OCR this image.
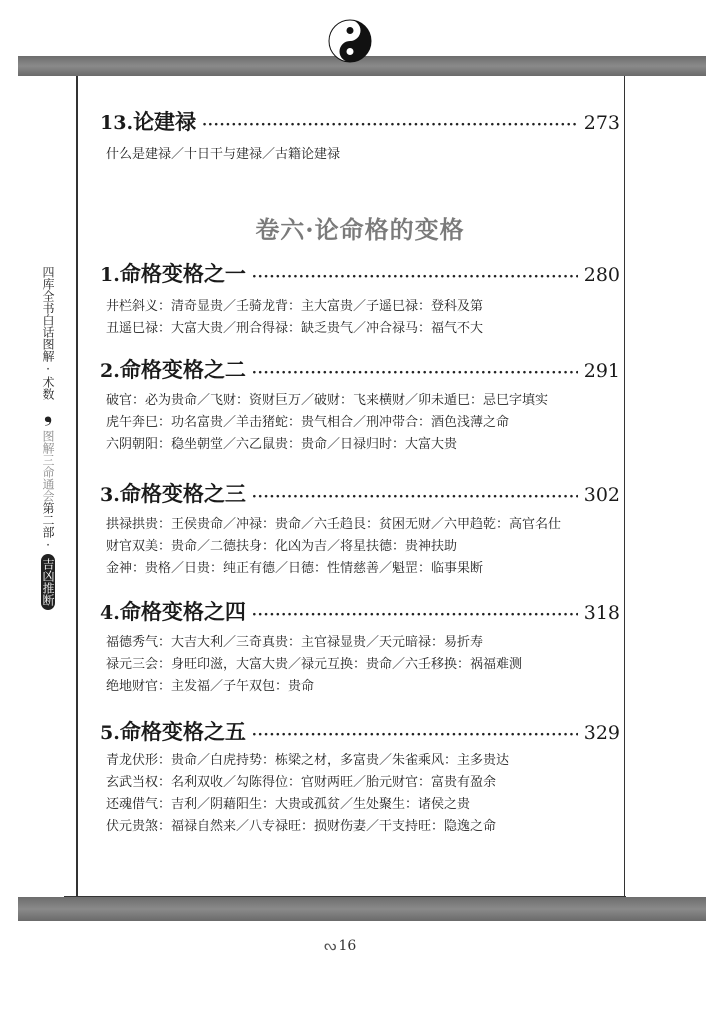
四库全书白话图解·术数
❟
图解三命通会
第二部·
吉凶推断
13. 论建禄 ·····	273
什么是建禄／十日干与建禄／古籍论建禄
卷六·论命格的变格
1. 命格变格之一 ·····	280
井栏斜义：清奇显贵／壬骑龙背：主大富贵／子遥巳禄：登科及第
丑遥巳禄：大富大贵／刑合得禄：缺乏贵气／冲合禄马：福气不大
2. 命格变格之二 ·····	291
破官：必为贵命／飞财：资财巨万／破财：飞来横财／卯未遁巳：忌巳字填实
虎午奔巳：功名富贵／羊击猪蛇：贵气相合／刑冲带合：酒色浅薄之命
六阴朝阳：稳坐朝堂／六乙鼠贵：贵命／日禄归时：大富大贵
3. 命格变格之三 ·····	302
拱禄拱贵：王侯贵命／冲禄：贵命／六壬趋艮：贫困无财／六甲趋乾：高官名仕
财官双美：贵命／二德扶身：化凶为吉／将星扶德：贵神扶助
金神：贵格／日贵：纯正有德／日德：性情慈善／魁罡：临事果断
4. 命格变格之四 ·····	318
福德秀气：大吉大利／三奇真贵：主官禄显贵／天元暗禄：易折寿
禄元三会：身旺印滋，大富大贵／禄元互换：贵命／六壬移换：祸福难测
绝地财官：主发福／子午双包：贵命
5. 命格变格之五 ·····	329
青龙伏形：贵命／白虎持势：栋梁之材，多富贵／朱雀乘风：主多贵达
玄武当权：名利双收／勾陈得位：官财两旺／胎元财官：富贵有盈余
还魂借气：吉利／阴藉阳生：大贵或孤贫／生处聚生：诸侯之贵
伏元贵煞：福禄自然来／八专禄旺：损财伤妻／干支持旺：隐逸之命
ᔓ 16
